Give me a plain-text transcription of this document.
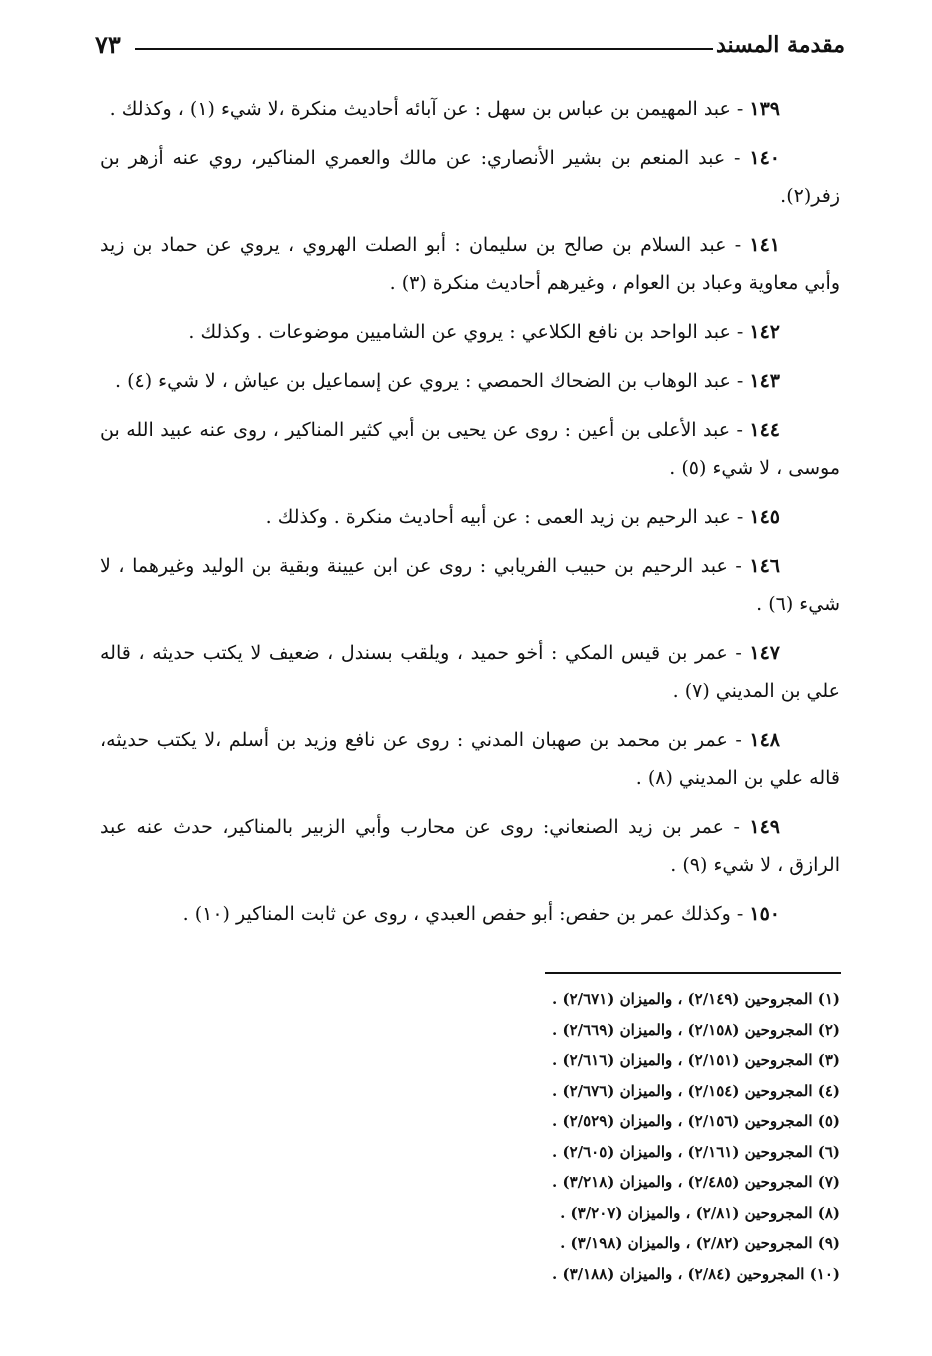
مقدمة المسند
٧٣

١٣٩ - عبد المهيمن بن عباس بن سهل : عن آبائه أحاديث منكرة ،لا شيء (١) ، وكذلك .

١٤٠ - عبد المنعم بن بشير الأنصاري: عن مالك والعمري المناكير، روي عنه أزهر بن زفر(٢).

١٤١ - عبد السلام بن صالح بن سليمان : أبو الصلت الهروي ، يروي عن حماد بن زيد وأبي معاوية وعباد بن العوام ، وغيرهم أحاديث منكرة (٣) .

١٤٢ - عبد الواحد بن نافع الكلاعي : يروي عن الشاميين موضوعات . وكذلك .

١٤٣ - عبد الوهاب بن الضحاك الحمصي : يروي عن إسماعيل بن عياش ، لا شيء (٤) .

١٤٤ - عبد الأعلى بن أعين : روى عن يحيى بن أبي كثير المناكير ، روى عنه عبيد الله بن موسى ، لا شيء (٥) .

١٤٥ - عبد الرحيم بن زيد العمى : عن أبيه أحاديث منكرة . وكذلك .

١٤٦ - عبد الرحيم بن حبيب الفريابي : روى عن ابن عيينة وبقية بن الوليد وغيرهما ، لا شيء (٦) .

١٤٧ - عمر بن قيس المكي : أخو حميد ، ويلقب بسندل ، ضعيف لا يكتب حديثه ، قاله علي بن المديني (٧) .

١٤٨ - عمر بن محمد بن صهبان المدني : روى عن نافع وزيد بن أسلم ،لا يكتب حديثه، قاله علي بن المديني (٨) .

١٤٩ - عمر بن زيد الصنعاني: روى عن محارب وأبي الزبير بالمناكير، حدث عنه عبد الرازق ، لا شيء (٩) .

١٥٠ - وكذلك عمر بن حفص: أبو حفص العبدي ، روى عن ثابت المناكير (١٠) .

(١) المجروحين (٢/١٤٩) ، والميزان (٢/٦٧١) .
(٢) المجروحين (٢/١٥٨) ، والميزان (٢/٦٦٩) .
(٣) المجروحين (٢/١٥١) ، والميزان (٢/٦١٦) .
(٤) المجروحين (٢/١٥٤) ، والميزان (٢/٦٧٦) .
(٥) المجروحين (٢/١٥٦) ، والميزان (٢/٥٢٩) .
(٦) المجروحين (٢/١٦١) ، والميزان (٢/٦٠٥) .
(٧) المجروحين (٢/٤٨٥) ، والميزان (٣/٢١٨) .
(٨) المجروحين (٢/٨١) ، والميزان (٣/٢٠٧) .
(٩) المجروحين (٢/٨٢) ، والميزان (٣/١٩٨) .
(١٠) المجروحين (٢/٨٤) ، والميزان (٣/١٨٨) .
